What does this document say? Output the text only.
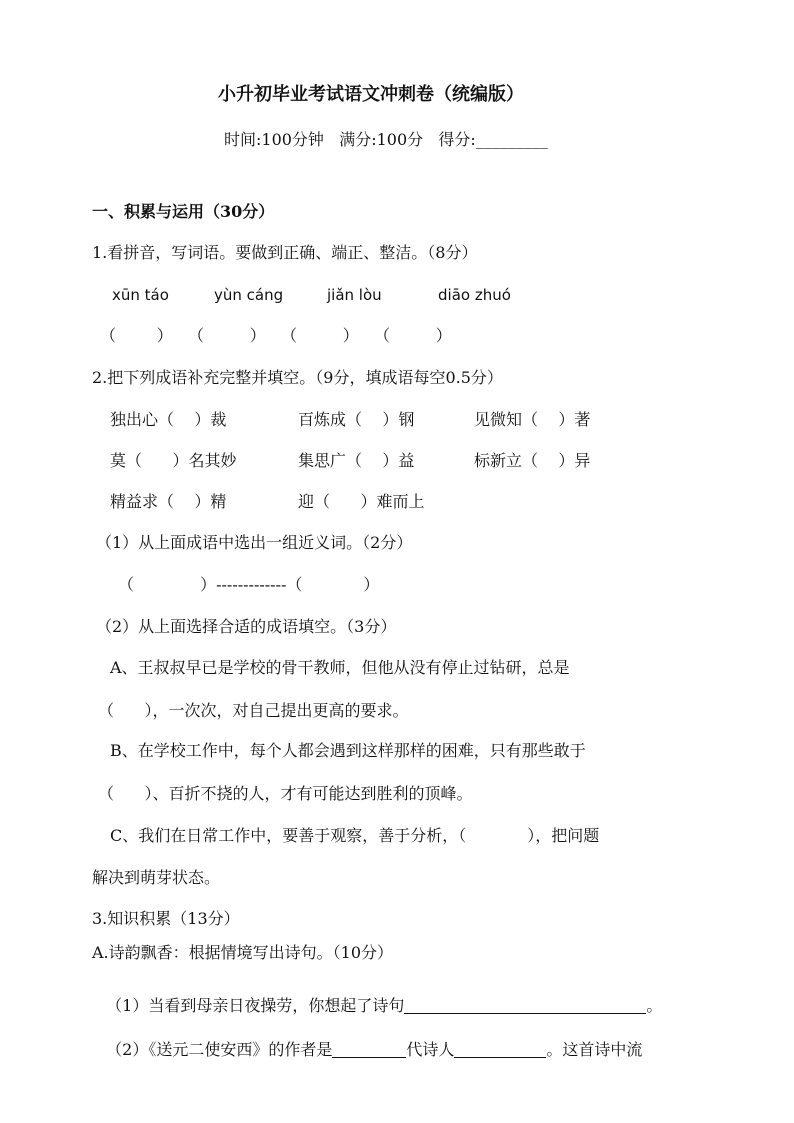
小升初毕业考试语文冲刺卷（统编版）
时间:100分钟   满分:100分   得分:_________
一、积累与运用（30分）
1.看拼音，写词语。要做到正确、端正、整洁。（8分）
xūn táo	yùn cáng	jiǎn lòu	diāo zhuó
（        ）   （         ）   （         ）   （         ）
2.把下列成语补充完整并填空。（9分，填成语每空0.5分）
独出心（    ）裁	百炼成（    ）钢	见微知（    ）著
莫（      ）名其妙	集思广（    ）益	标新立（    ）异
精益求（    ）精	迎（      ）难而上
（1）从上面成语中选出一组近义词。（2分）
（             ）-------------（            ）
（2）从上面选择合适的成语填空。（3分）
A、王叔叔早已是学校的骨干教师，但他从没有停止过钻研，总是
（      ），一次次，对自己提出更高的要求。
B、在学校工作中，每个人都会遇到这样那样的困难，只有那些敢于
（      ）、百折不挠的人，才有可能达到胜利的顶峰。
C、我们在日常工作中，要善于观察，善于分析，（            ），把问题
解决到萌芽状态。
3.知识积累（13分）
A.诗韵飘香：根据情境写出诗句。（10分）

（1）当看到母亲日夜操劳，你想起了诗句	。

（2）《送元二使安西》的作者是	代诗人	。这首诗中流
